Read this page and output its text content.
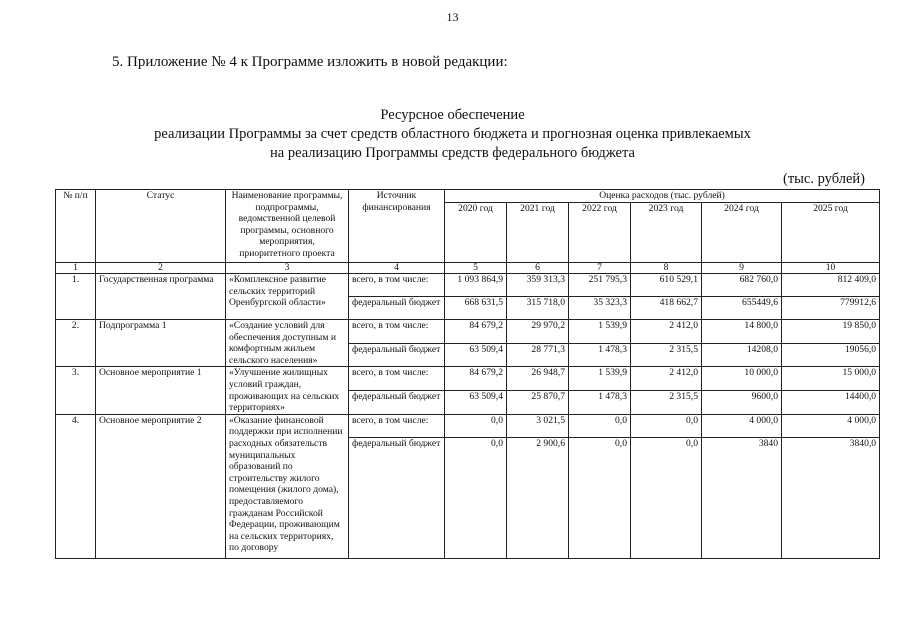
13
5. Приложение № 4 к Программе изложить в новой редакции:
Ресурсное обеспечение
реализации Программы за счет средств областного бюджета и прогнозная оценка привлекаемых
на реализацию Программы средств федерального бюджета
(тыс. рублей)
№ п/п	Статус	Наименование программы, подпрограммы, ведомственной целевой программы, основного мероприятия, приоритетного проекта	Источник финансирования	Оценка расходов (тыс. рублей)					
				2020 год	2021 год	2022 год	2023 год	2024 год	2025 год
1	2	3	4	5	6	7	8	9	10
1.	Государственная программа	«Комплексное развитие сельских территорий Оренбургской области»	всего, в том числе:	1 093 864,9	359 313,3	251 795,3	610 529,1	682 760,0	812 409,0
			федеральный бюджет	668 631,5	315 718,0	35 323,3	418 662,7	655449,6	779912,6
2.	Подпрограмма 1	«Создание условий для обеспечения доступным и комфортным жильем сельского населения»	всего, в том числе:	84 679,2	29 970,2	1 539,9	2 412,0	14 800,0	19 850,0
			федеральный бюджет	63 509,4	28 771,3	1 478,3	2 315,5	14208,0	19056,0
3.	Основное мероприятие 1	«Улучшение жилищных условий граждан, проживающих на сельских территориях»	всего, в том числе:	84 679,2	26 948,7	1 539,9	2 412,0	10 000,0	15 000,0
			федеральный бюджет	63 509,4	25 870,7	1 478,3	2 315,5	9600,0	14400,0
4.	Основное мероприятие 2	«Оказание финансовой поддержки при исполнении расходных обязательств муниципальных образований по строительству жилого помещения (жилого дома), предоставляемого гражданам Российской Федерации, проживающим на сельских территориях, по договору	всего, в том числе:	0,0	3 021,5	0,0	0,0	4 000,0	4 000,0
			федеральный бюджет	0,0	2 900,6	0,0	0,0	3840	3840,0
